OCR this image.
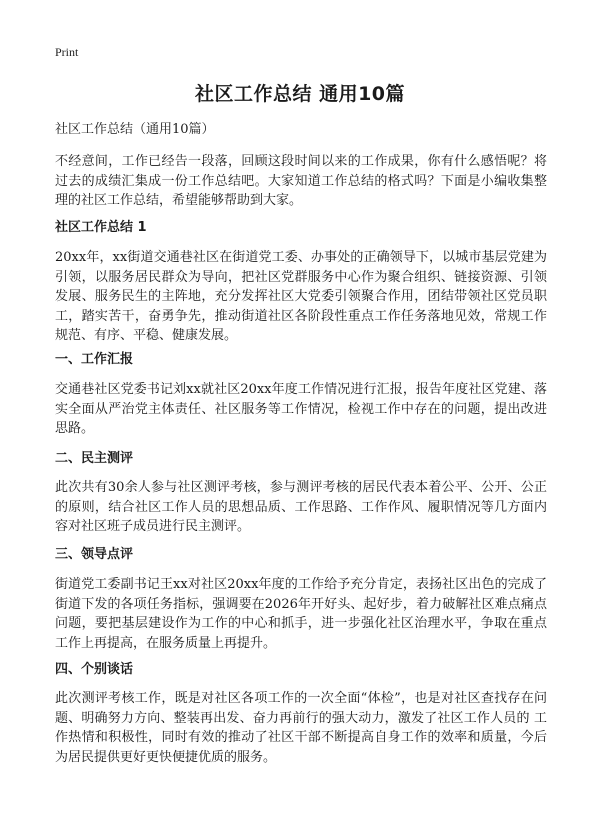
Print
社区工作总结 通用10篇

社区工作总结（通用10篇）

不经意间，工作已经告一段落，回顾这段时间以来的工作成果，你有什么感悟呢？将过去的成绩汇集成一份工作总结吧。大家知道工作总结的格式吗？下面是小编收集整理的社区工作总结，希望能够帮助到大家。

社区工作总结 1

20xx年，xx街道交通巷社区在街道党工委、办事处的正确领导下，以城市基层党建为引领，以服务居民群众为导向，把社区党群服务中心作为聚合组织、链接资源、引领发展、服务民生的主阵地，充分发挥社区大党委引领聚合作用，团结带领社区党员职工，踏实苦干，奋勇争先，推动街道社区各阶段性重点工作任务落地见效，常规工作规范、有序、平稳、健康发展。

一、工作汇报

交通巷社区党委书记刘xx就社区20xx年度工作情况进行汇报，报告年度社区党建、落实全面从严治党主体责任、社区服务等工作情况，检视工作中存在的问题，提出改进思路。

二、民主测评

此次共有30余人参与社区测评考核，参与测评考核的居民代表本着公平、公开、公正的原则，结合社区工作人员的思想品质、工作思路、工作作风、履职情况等几方面内容对社区班子成员进行民主测评。

三、领导点评

街道党工委副书记王xx对社区20xx年度的工作给予充分肯定，表扬社区出色的完成了街道下发的各项任务指标，强调要在2026年开好头、起好步，着力破解社区难点痛点问题，要把基层建设作为工作的中心和抓手，进一步强化社区治理水平，争取在重点工作上再提高，在服务质量上再提升。

四、个别谈话

此次测评考核工作，既是对社区各项工作的一次全面“体检”，也是对社区查找存在问题、明确努力方向、整装再出发、奋力再前行的强大动力，激发了社区工作人员的 工作热情和积极性，同时有效的推动了社区干部不断提高自身工作的效率和质量，今后为居民提供更好更快便捷优质的服务。
